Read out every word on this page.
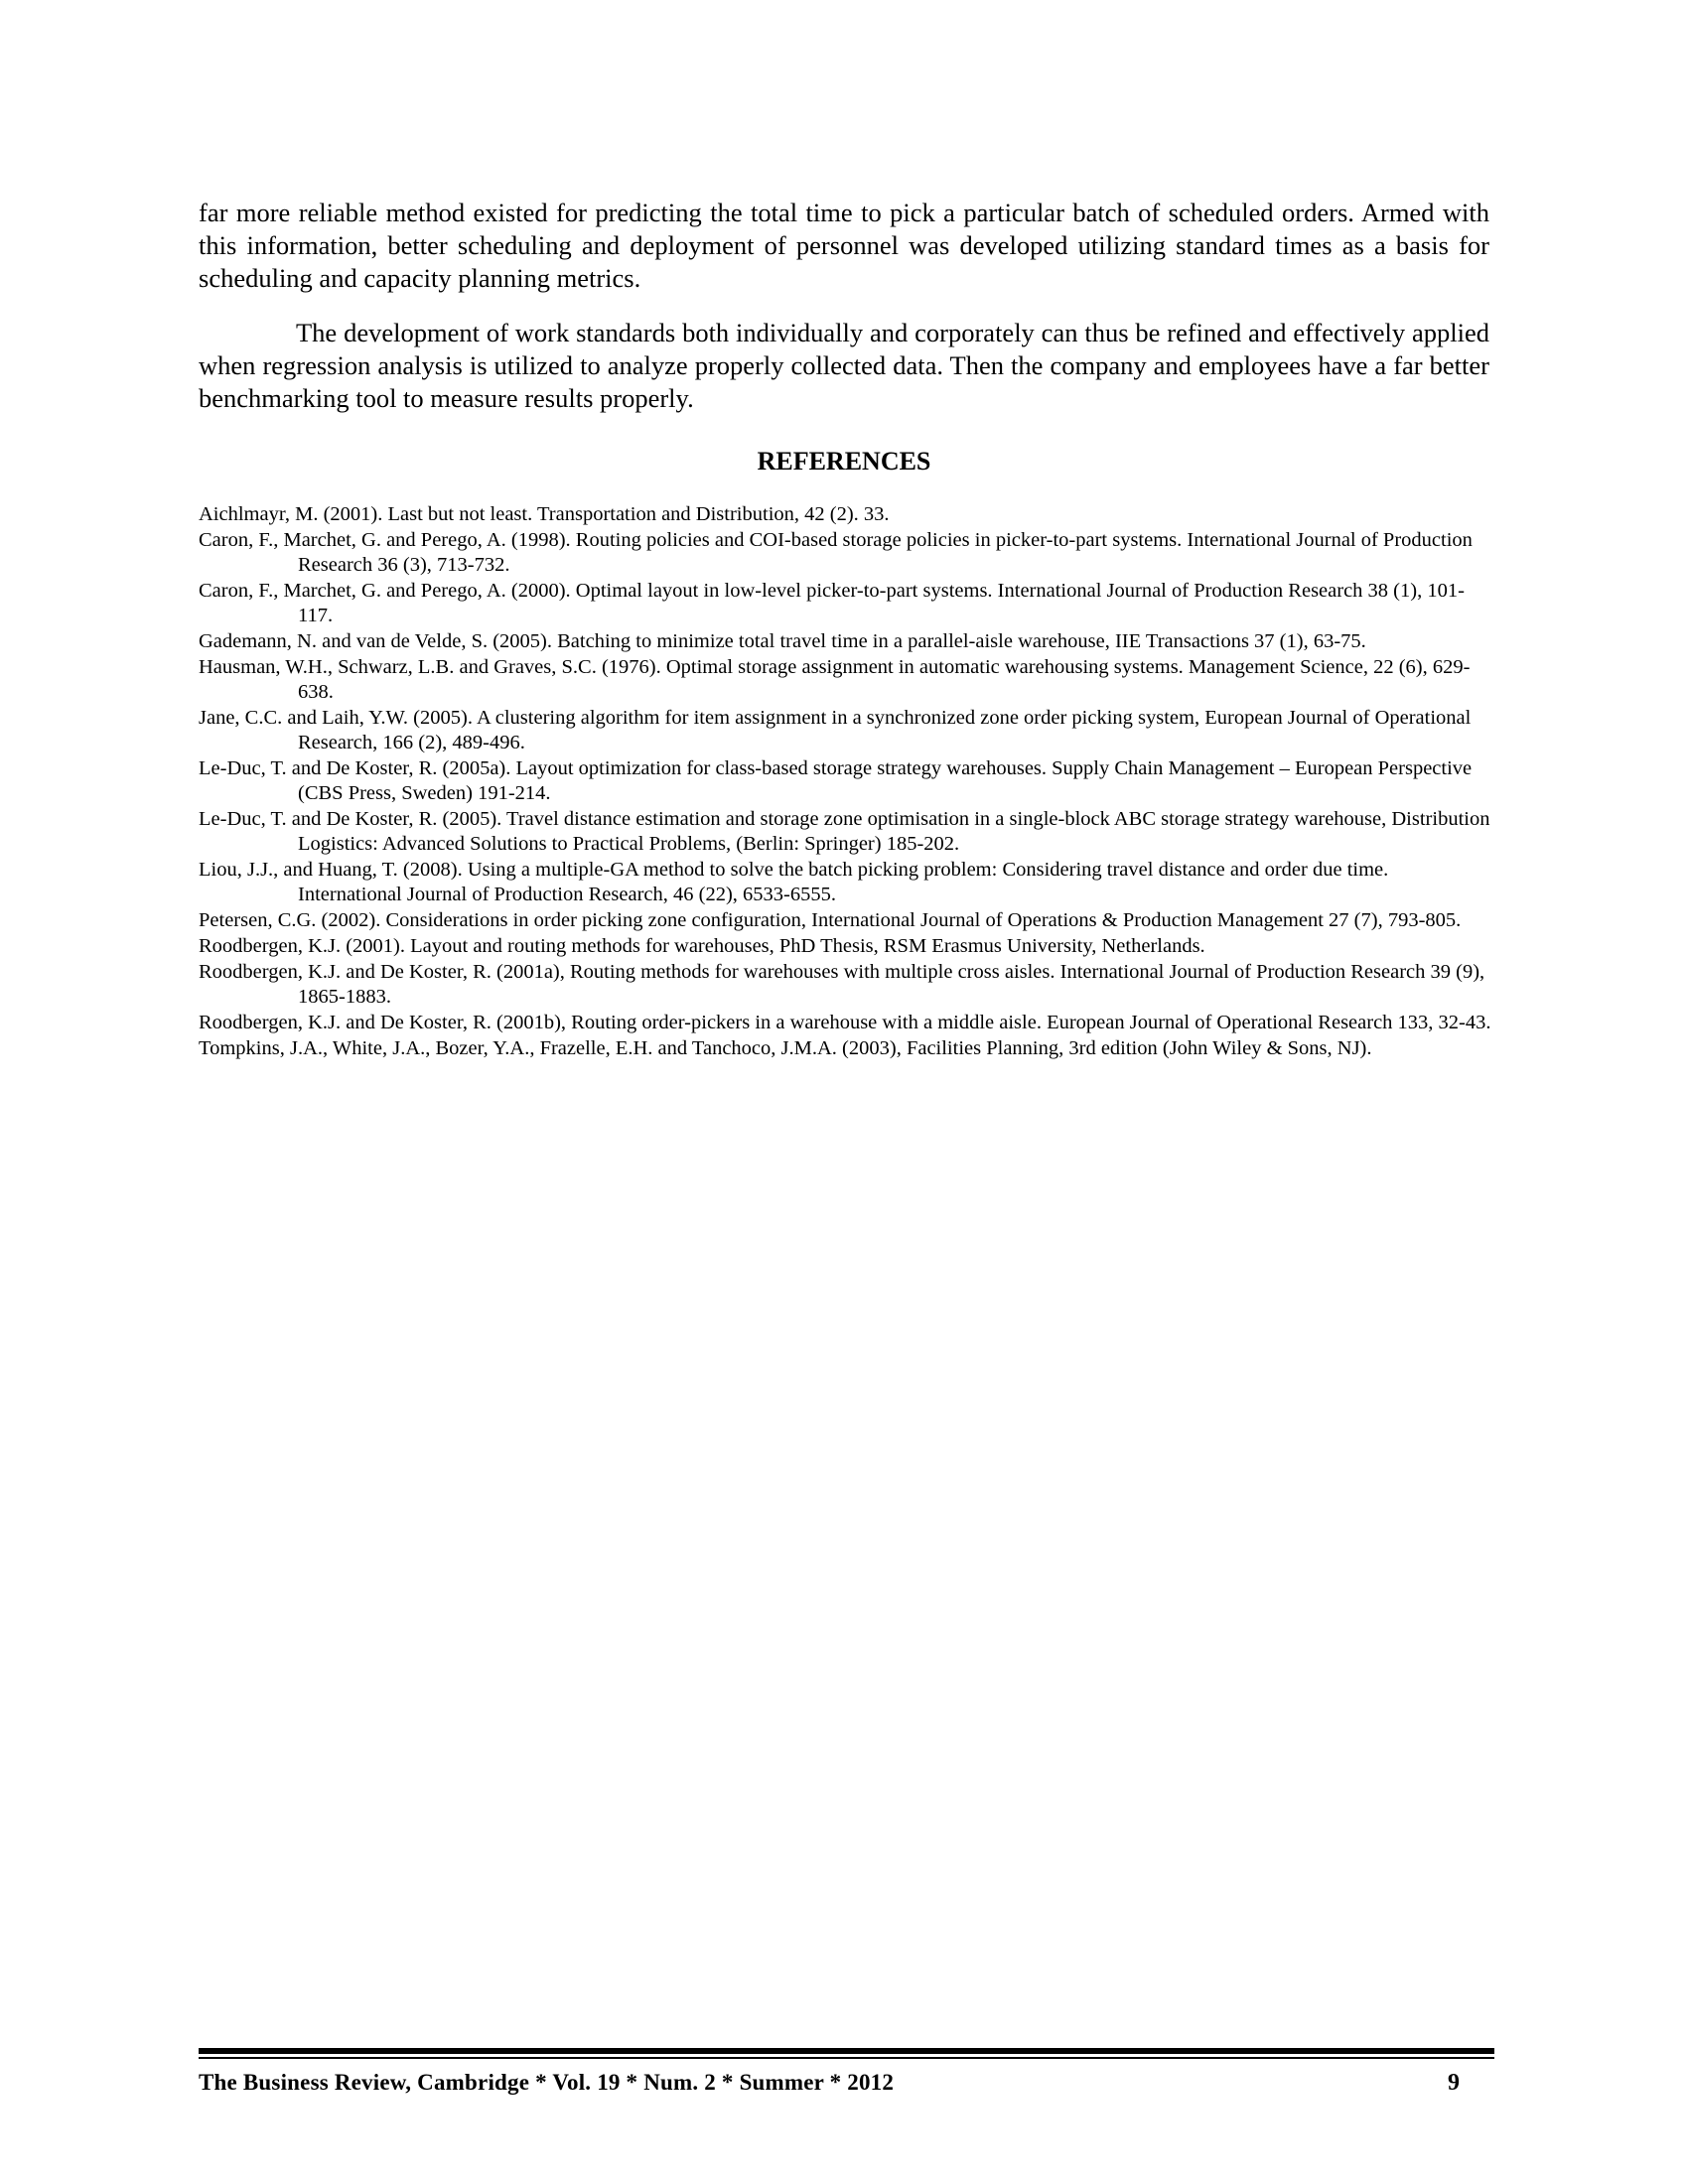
far more reliable method existed for predicting the total time to pick a particular batch of scheduled orders. Armed with this information, better scheduling and deployment of personnel was developed utilizing standard times as a basis for scheduling and capacity planning metrics.

The development of work standards both individually and corporately can thus be refined and effectively applied when regression analysis is utilized to analyze properly collected data. Then the company and employees have a far better benchmarking tool to measure results properly.

REFERENCES
Aichlmayr, M. (2001). Last but not least. Transportation and Distribution, 42 (2). 33.
Caron, F., Marchet, G. and Perego, A. (1998). Routing policies and COI-based storage policies in picker-to-part systems. International Journal of Production Research 36 (3), 713-732.
Caron, F., Marchet, G. and Perego, A. (2000). Optimal layout in low-level picker-to-part systems. International Journal of Production Research 38 (1), 101-117.
Gademann, N. and van de Velde, S. (2005). Batching to minimize total travel time in a parallel-aisle warehouse, IIE Transactions 37 (1), 63-75.
Hausman, W.H., Schwarz, L.B. and Graves, S.C. (1976). Optimal storage assignment in automatic warehousing systems. Management Science, 22 (6), 629-638.
Jane, C.C. and Laih, Y.W. (2005). A clustering algorithm for item assignment in a synchronized zone order picking system, European Journal of Operational Research, 166 (2), 489-496.
Le-Duc, T. and De Koster, R. (2005a). Layout optimization for class-based storage strategy warehouses. Supply Chain Management – European Perspective (CBS Press, Sweden) 191-214.
Le-Duc, T. and De Koster, R. (2005). Travel distance estimation and storage zone optimisation in a single-block ABC storage strategy warehouse, Distribution Logistics: Advanced Solutions to Practical Problems, (Berlin: Springer) 185-202.
Liou, J.J., and Huang, T. (2008). Using a multiple-GA method to solve the batch picking problem: Considering travel distance and order due time. International Journal of Production Research, 46 (22), 6533-6555.
Petersen, C.G. (2002). Considerations in order picking zone configuration, International Journal of Operations & Production Management 27 (7), 793-805.
Roodbergen, K.J. (2001). Layout and routing methods for warehouses, PhD Thesis, RSM Erasmus University, Netherlands.
Roodbergen, K.J. and De Koster, R. (2001a), Routing methods for warehouses with multiple cross aisles. International Journal of Production Research 39 (9), 1865-1883.
Roodbergen, K.J. and De Koster, R. (2001b), Routing order-pickers in a warehouse with a middle aisle. European Journal of Operational Research 133, 32-43.
Tompkins, J.A., White, J.A., Bozer, Y.A., Frazelle, E.H. and Tanchoco, J.M.A. (2003), Facilities Planning, 3rd edition (John Wiley & Sons, NJ).
The Business Review, Cambridge * Vol. 19 * Num. 2 * Summer * 2012	9
